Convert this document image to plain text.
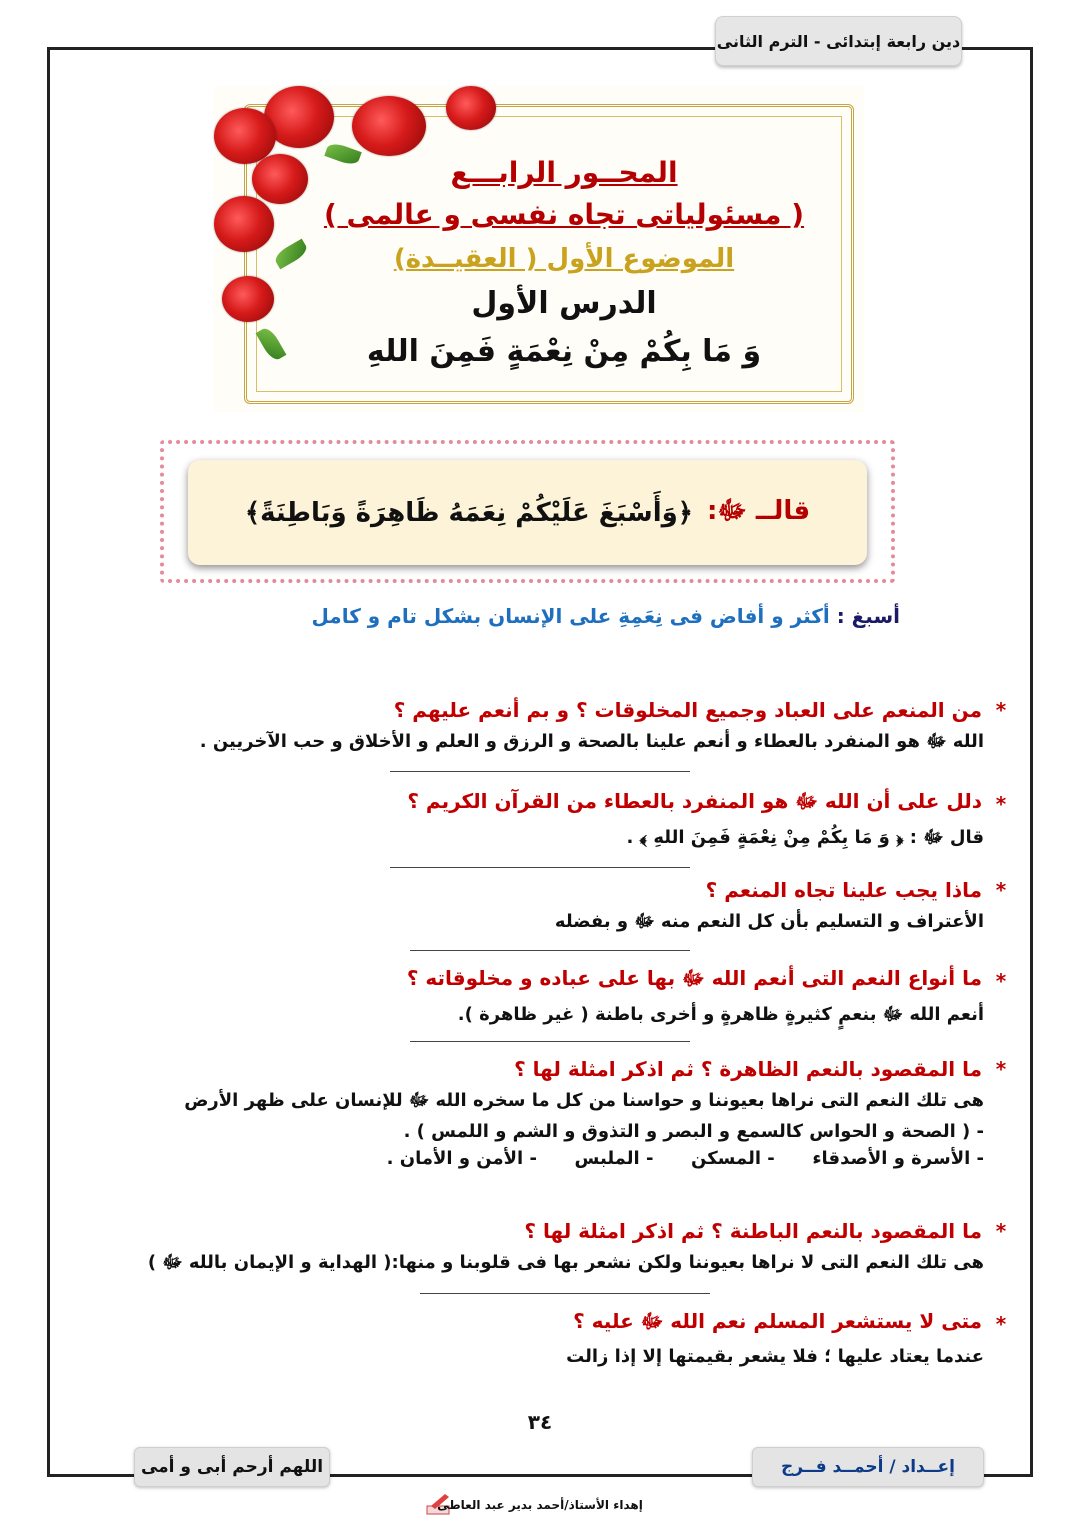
دين رابعة إبتدائى - الترم الثانى
المحــور الرابـــع
( مسئولياتى تجاه نفسى و عالمى )
الموضوع الأول ( العقيــدة)
الدرس الأول
وَ مَا بِكُمْ مِنْ نِعْمَةٍ فَمِنَ اللهِ
قالــ ﷻ:
﴿وَأَسْبَغَ عَلَيْكُمْ نِعَمَهُ ظَاهِرَةً وَبَاطِنَةً﴾
أسبغ : أكثر و أفاض فى نِعَمِةِ على الإنسان بشكل تام و كامل
*
من المنعم على العباد وجميع المخلوقات ؟ و بم أنعم عليهم ؟
الله ﷻ هو المنفرد بالعطاء و أنعم علينا بالصحة و الرزق و العلم و الأخلاق و حب الآخريين .
*
دلل على أن الله ﷻ هو المنفرد بالعطاء من القرآن الكريم ؟
قال ﷻ : ﴿ وَ مَا بِكُمْ مِنْ نِعْمَةٍ فَمِنَ اللهِ ﴾ .
*
ماذا يجب علينا تجاه المنعم ؟
الأعتراف و التسليم بأن كل النعم منه ﷻ و بفضله
*
ما أنواع النعم التى أنعم الله ﷻ بها على عباده و مخلوقاته ؟
أنعم الله ﷻ بنعمٍ كثيرةٍ ظاهرةٍ و أخرى باطنة ( غير ظاهرة ).
*
ما المقصود بالنعم الظاهرة ؟ ثم اذكر امثلة لها ؟
هى تلك النعم التى نراها بعيوننا و حواسنا من كل ما سخره الله ﷻ للإنسان على ظهر الأرض
- ( الصحة و الحواس كالسمع و البصر و التذوق و الشم و اللمس ) .
- الأسرة و الأصدقاء      - المسكن      - الملبس      - الأمن و الأمان .
*
ما المقصود بالنعم الباطنة ؟ ثم اذكر امثلة لها ؟
هى تلك النعم التى لا نراها بعيوننا ولكن نشعر بها فى قلوبنا و منها:( الهداية و الإيمان بالله ﷻ )
*
متى لا يستشعر المسلم نعم الله ﷻ عليه ؟
عندما يعتاد عليها ؛ فلا يشعر بقيمتها إلا إذا زالت
٣٤
إعــداد / أحمــد فــرج
اللهم أرحم أبى و أمى
إهداء الأستاذ/أحمد بدير عبد العاطى
